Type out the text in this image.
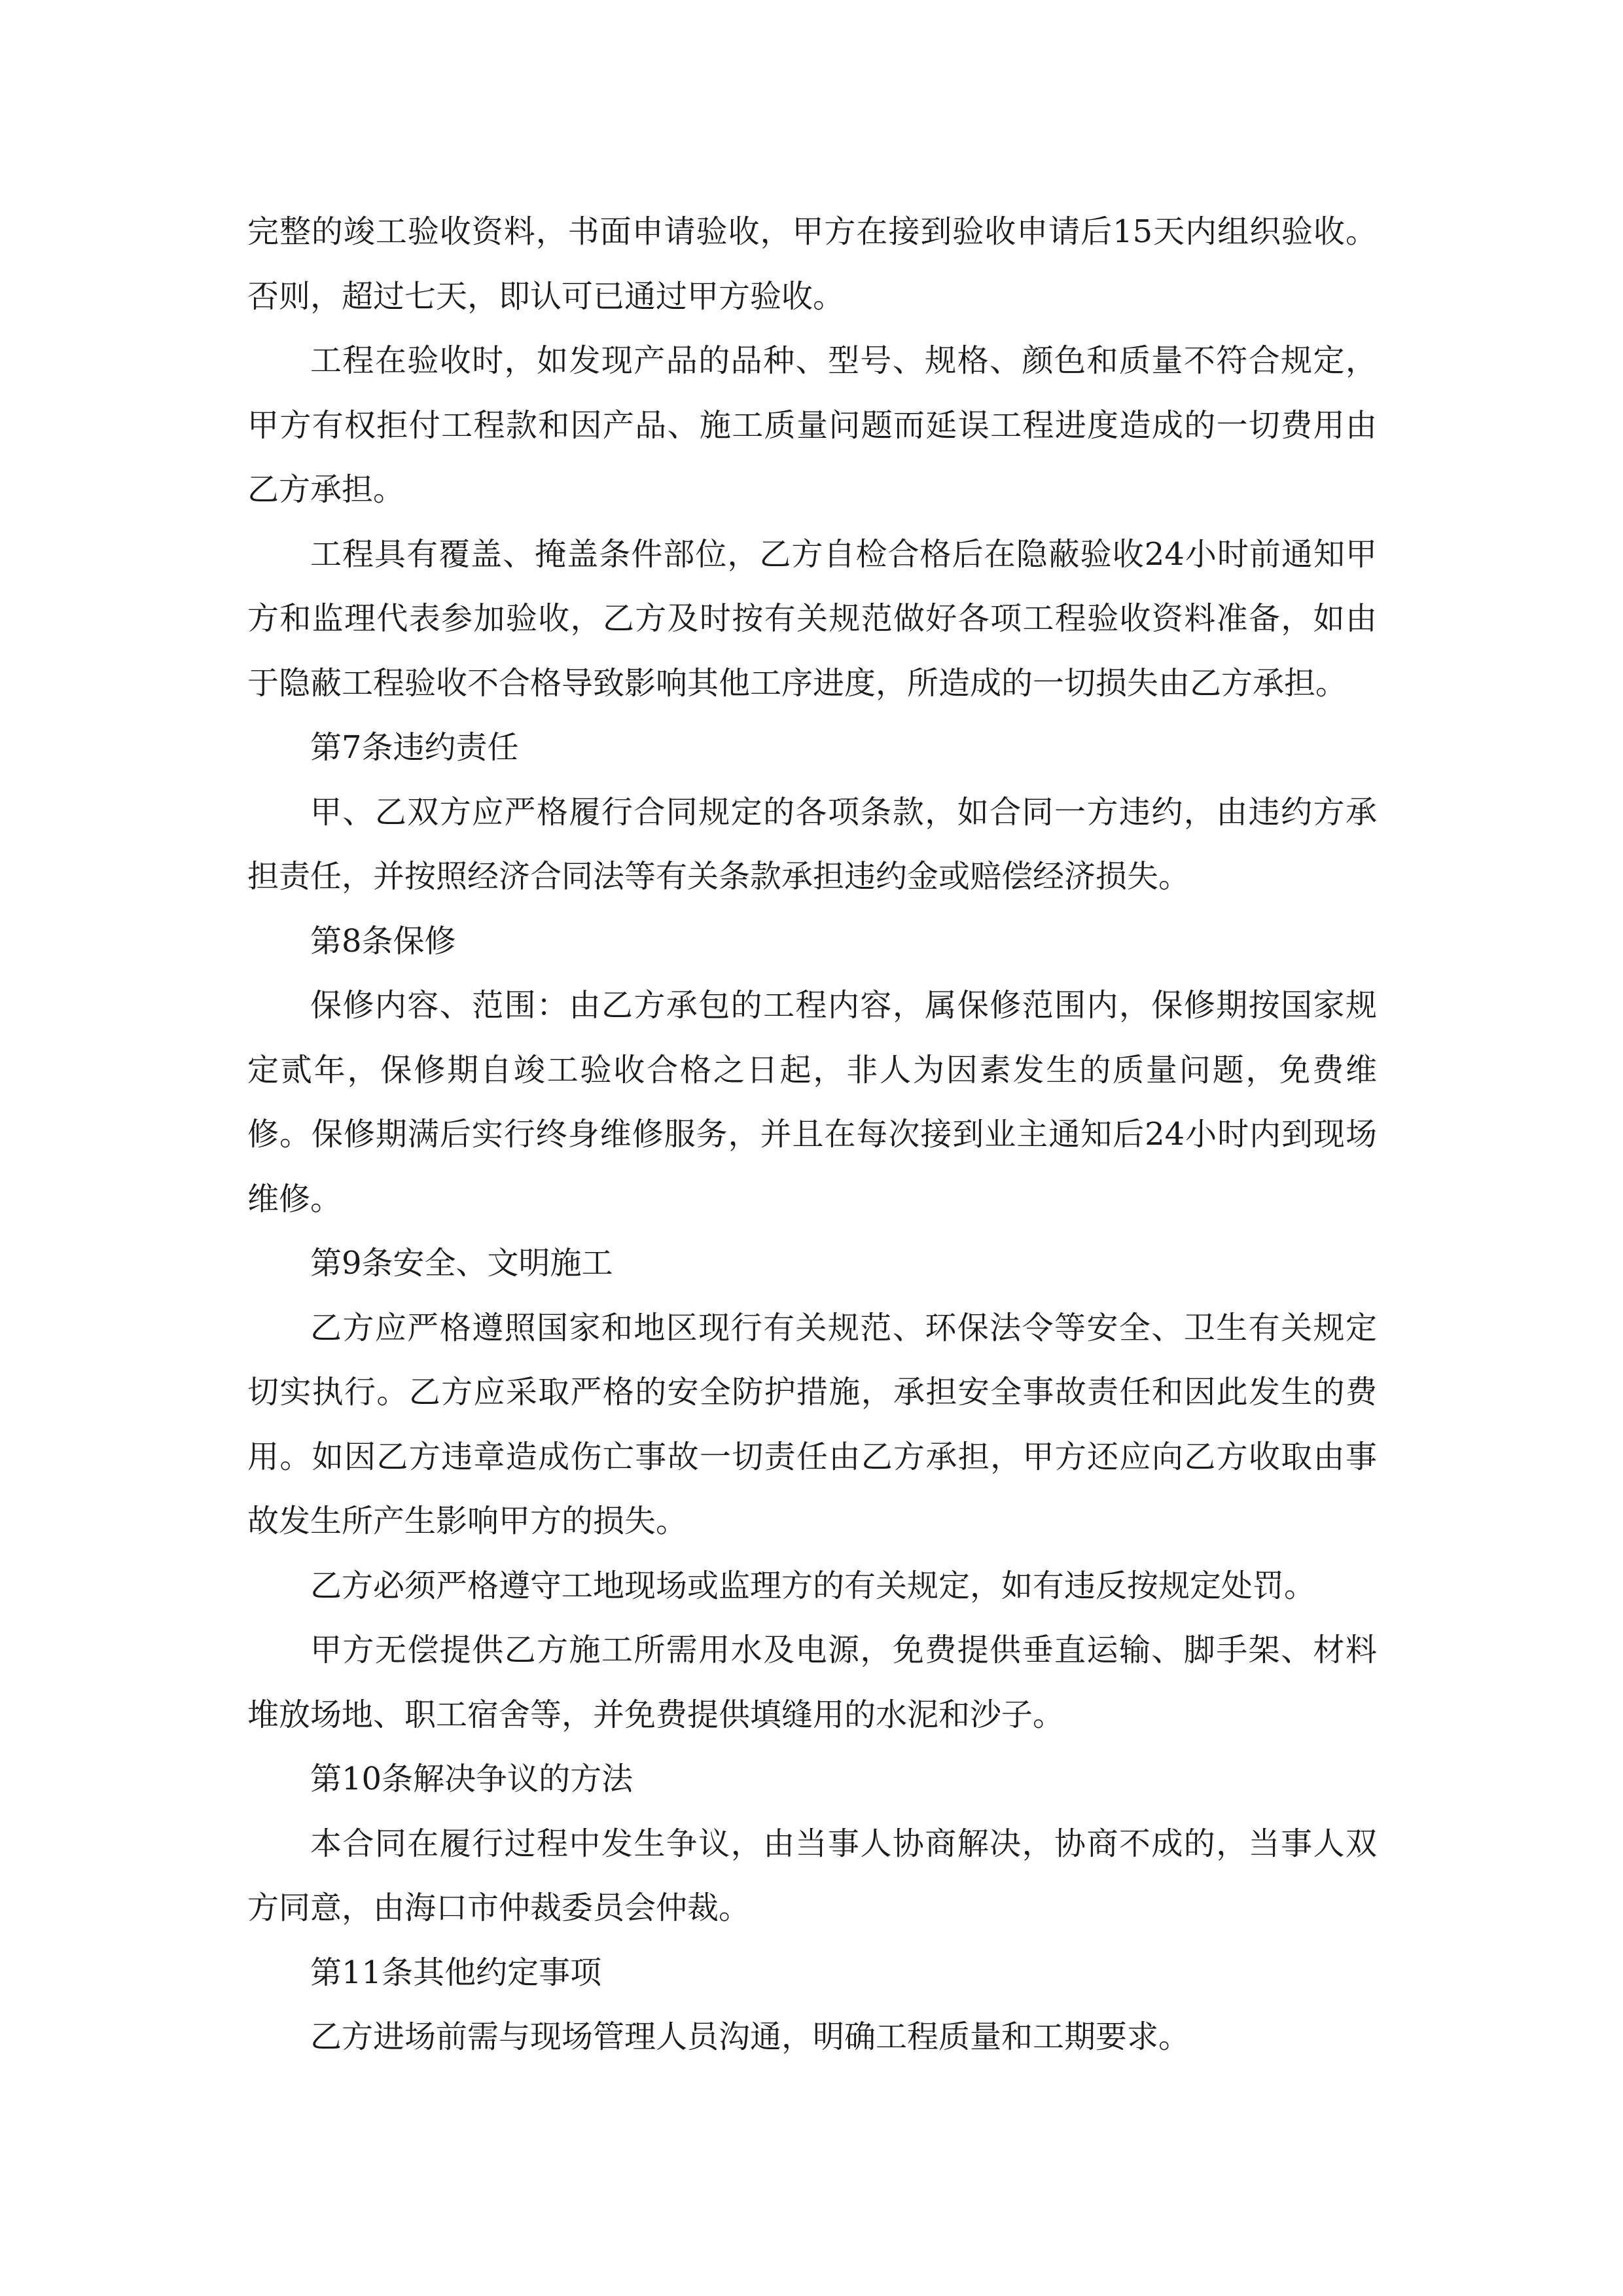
完整的竣工验收资料，书面申请验收，甲方在接到验收申请后15天内组织验收。否则，超过七天，即认可已通过甲方验收。

工程在验收时，如发现产品的品种、型号、规格、颜色和质量不符合规定，甲方有权拒付工程款和因产品、施工质量问题而延误工程进度造成的一切费用由乙方承担。

工程具有覆盖、掩盖条件部位，乙方自检合格后在隐蔽验收24小时前通知甲方和监理代表参加验收，乙方及时按有关规范做好各项工程验收资料准备，如由于隐蔽工程验收不合格导致影响其他工序进度，所造成的一切损失由乙方承担。

第7条违约责任

甲、乙双方应严格履行合同规定的各项条款，如合同一方违约，由违约方承担责任，并按照经济合同法等有关条款承担违约金或赔偿经济损失。

第8条保修

保修内容、范围：由乙方承包的工程内容，属保修范围内，保修期按国家规定贰年，保修期自竣工验收合格之日起，非人为因素发生的质量问题，免费维修。保修期满后实行终身维修服务，并且在每次接到业主通知后24小时内到现场维修。

第9条安全、文明施工

乙方应严格遵照国家和地区现行有关规范、环保法令等安全、卫生有关规定切实执行。乙方应采取严格的安全防护措施，承担安全事故责任和因此发生的费用。如因乙方违章造成伤亡事故一切责任由乙方承担，甲方还应向乙方收取由事故发生所产生影响甲方的损失。

乙方必须严格遵守工地现场或监理方的有关规定，如有违反按规定处罚。

甲方无偿提供乙方施工所需用水及电源，免费提供垂直运输、脚手架、材料堆放场地、职工宿舍等，并免费提供填缝用的水泥和沙子。

第10条解决争议的方法

本合同在履行过程中发生争议，由当事人协商解决，协商不成的，当事人双方同意，由海口市仲裁委员会仲裁。

第11条其他约定事项

乙方进场前需与现场管理人员沟通，明确工程质量和工期要求。
